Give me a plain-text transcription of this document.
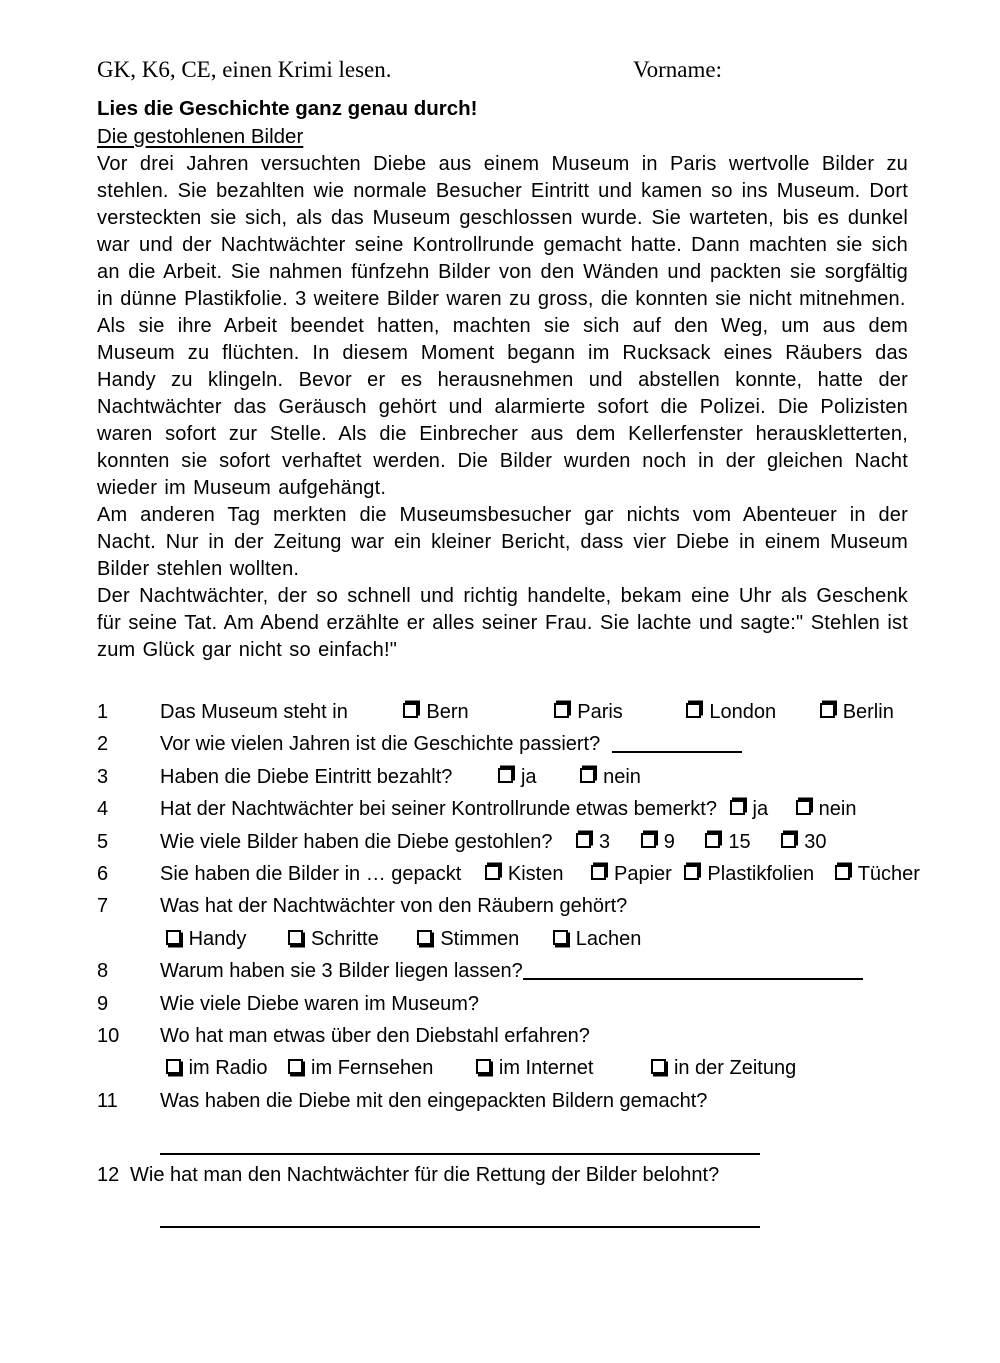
GK, K6, CE, einen Krimi lesen.	Vorname:
Lies die Geschichte ganz genau durch!
Die gestohlenen Bilder

Vor drei Jahren versuchten Diebe aus einem Museum in Paris wertvolle Bilder zu stehlen. Sie bezahlten wie normale Besucher Eintritt und kamen so ins Museum. Dort versteckten sie sich, als das Museum geschlossen wurde. Sie warteten, bis es dunkel war und der Nachtwächter seine Kontrollrunde gemacht hatte. Dann machten sie sich an die Arbeit. Sie nahmen fünfzehn Bilder von den Wänden und packten sie sorgfältig in dünne Plastikfolie. 3 weitere Bilder waren zu gross, die konnten sie nicht mitnehmen.

Als sie ihre Arbeit beendet hatten, machten sie sich auf den Weg, um aus dem Museum zu flüchten. In diesem Moment begann im Rucksack eines Räubers das Handy zu klingeln. Bevor er es herausnehmen und abstellen konnte, hatte der Nachtwächter das Geräusch gehört und alarmierte sofort die Polizei. Die Polizisten waren sofort zur Stelle. Als die Einbrecher aus dem Kellerfenster herauskletterten, konnten sie sofort verhaftet werden. Die Bilder wurden noch in der gleichen Nacht wieder im Museum aufgehängt.

Am anderen Tag merkten die Museumsbesucher gar nichts vom Abenteuer in der Nacht. Nur in der Zeitung war ein kleiner Bericht, dass vier Diebe in einem Museum Bilder stehlen wollten.

Der Nachtwächter, der so schnell und richtig handelte, bekam eine Uhr als Geschenk für seine Tat. Am Abend erzählte er alles seiner Frau. Sie lachte und sagte:" Stehlen ist zum Glück gar nicht so einfach!"

1	Das Museum steht in	Bern	Paris	London	Berlin
2	Vor wie vielen Jahren ist die Geschichte passiert?
3	Haben die Diebe Eintritt bezahlt?	ja	nein
4	Hat der Nachtwächter bei seiner Kontrollrunde etwas bemerkt? ja	nein
5	Wie viele Bilder haben die Diebe gestohlen? 3	9	15	30
6	Sie haben die Bilder in … gepackt Kisten	Papier Plastikfolien Tücher
7	Was hat der Nachtwächter von den Räubern gehört?
Handy	Schritte	Stimmen	Lachen
8	Warum haben sie 3 Bilder liegen lassen?
9	Wie viele Diebe waren im Museum?
10 Wo hat man etwas über den Diebstahl erfahren?
im Radio im Fernsehen	im Internet	in der Zeitung
11 Was haben die Diebe mit den eingepackten Bildern gemacht?
12 Wie hat man den Nachtwächter für die Rettung der Bilder belohnt?
